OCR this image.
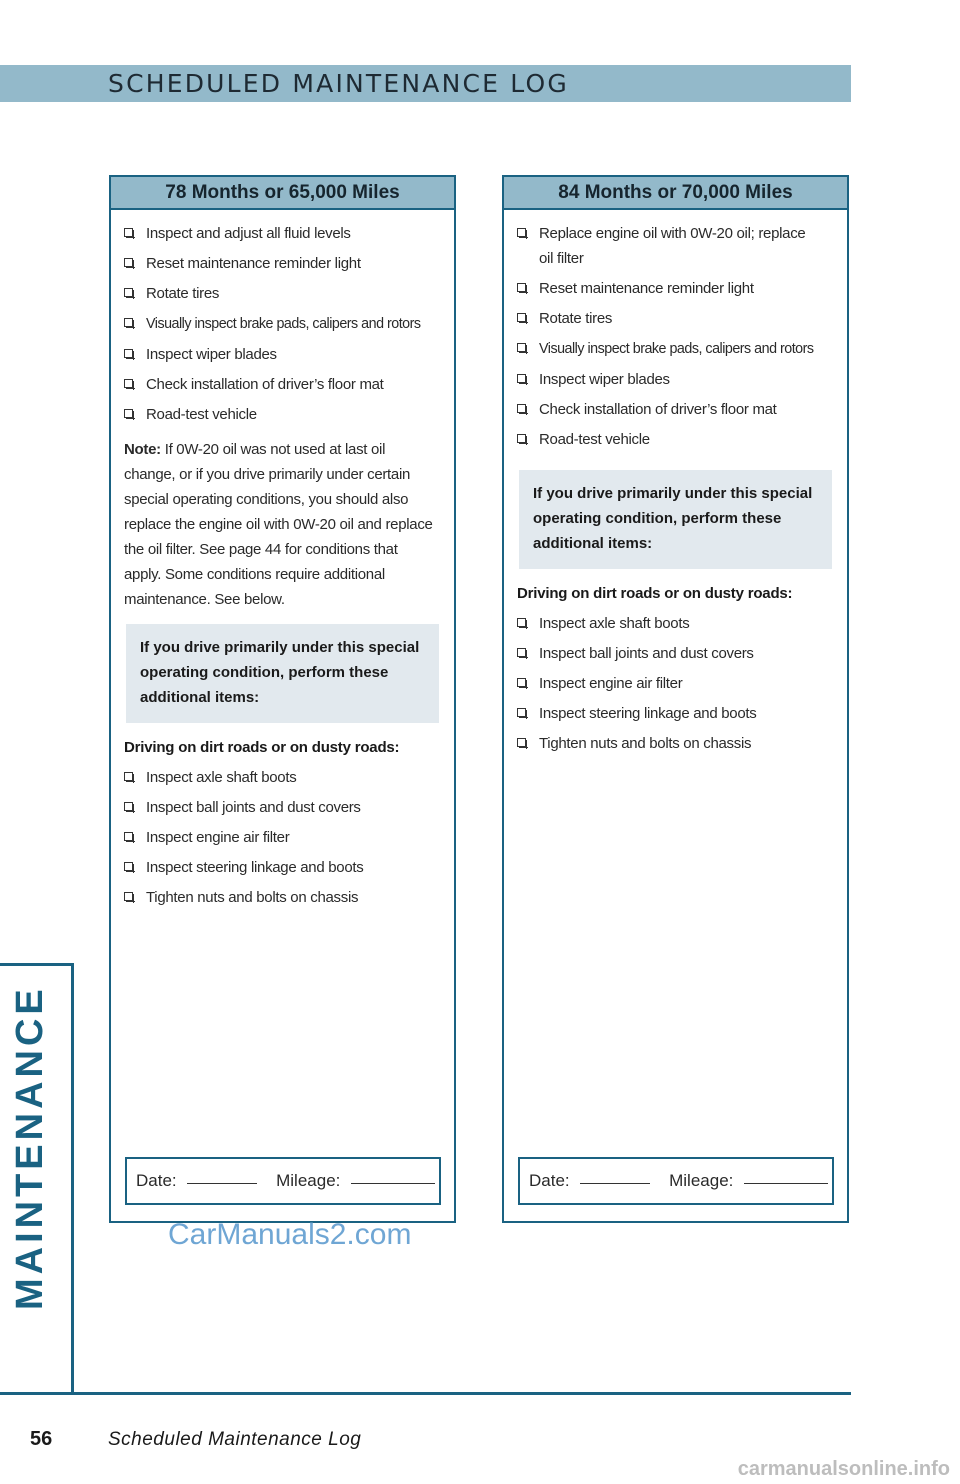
SCHEDULED MAINTENANCE LOG
78 Months or 65,000 Miles
Inspect and adjust all fluid levels
Reset maintenance reminder light
Rotate tires
Visually inspect brake pads, calipers and rotors
Inspect wiper blades
Check installation of driver’s floor mat
Road-test vehicle
Note: If 0W-20 oil was not used at last oil change, or if you drive primarily under certain special operating conditions, you should also replace the engine oil with 0W-20 oil and replace the oil filter. See page 44 for conditions that apply. Some conditions require additional maintenance. See below.
If you drive primarily under this special operating condition, perform these additional items:
Driving on dirt roads or on dusty roads:
Inspect axle shaft boots
Inspect ball joints and dust covers
Inspect engine air filter
Inspect steering linkage and boots
Tighten nuts and bolts on chassis
Date:	Mileage:
84 Months or 70,000 Miles
Replace engine oil with 0W-20 oil; replace oil filter
Reset maintenance reminder light
Rotate tires
Visually inspect brake pads, calipers and rotors
Inspect wiper blades
Check installation of driver’s floor mat
Road-test vehicle
If you drive primarily under this special operating condition, perform these additional items:
Driving on dirt roads or on dusty roads:
Inspect axle shaft boots
Inspect ball joints and dust covers
Inspect engine air filter
Inspect steering linkage and boots
Tighten nuts and bolts on chassis
Date:	Mileage:
CarManuals2.com
MAINTENANCE
56	Scheduled Maintenance Log
carmanualsonline.info
